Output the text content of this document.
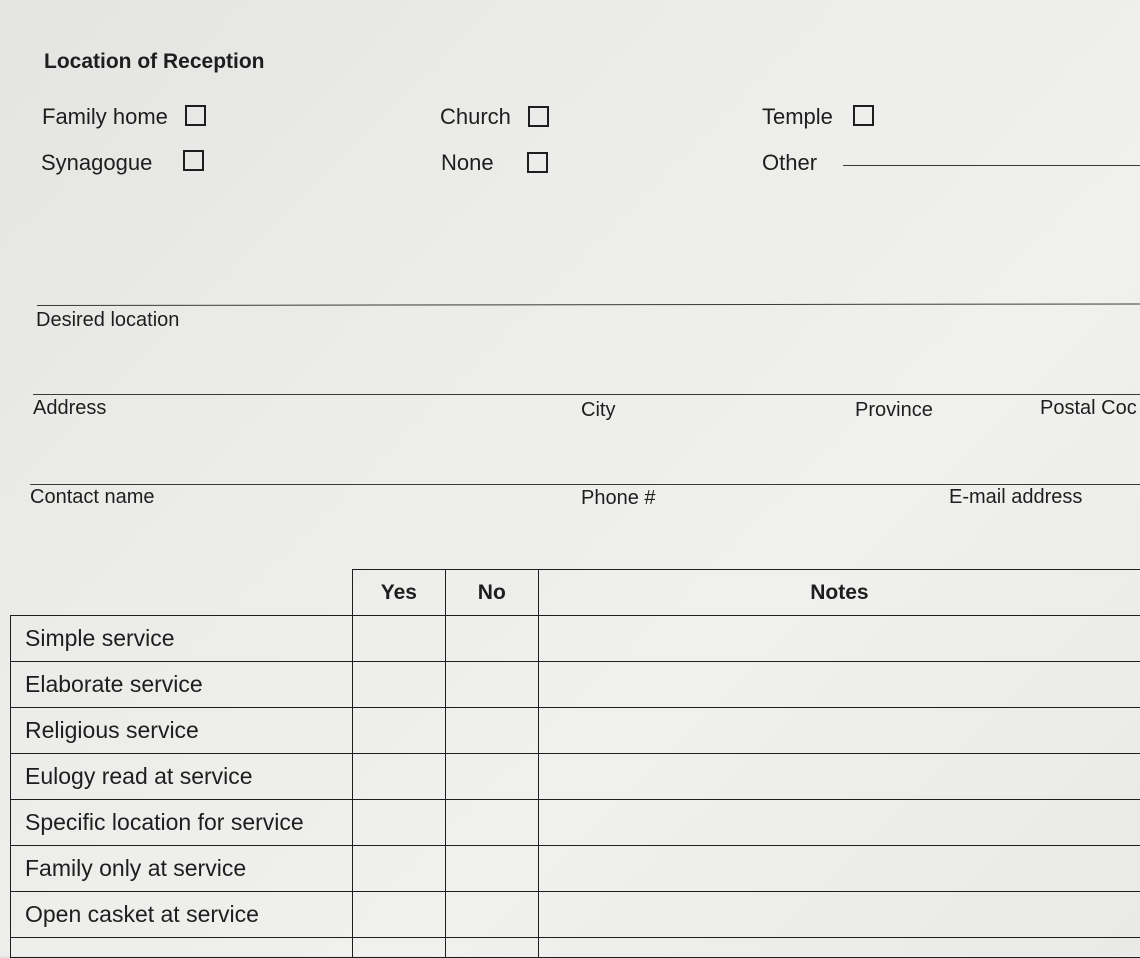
Location of Reception
Family home	Church	Temple
Synagogue	None	Other
Desired location
Address	City	Province	Postal Coc
Contact name	Phone #	E-mail address
	Yes	No	Notes
Simple service			
Elaborate service			
Religious service			
Eulogy read at service			
Specific location for service			
Family only at service			
Open casket at service			
